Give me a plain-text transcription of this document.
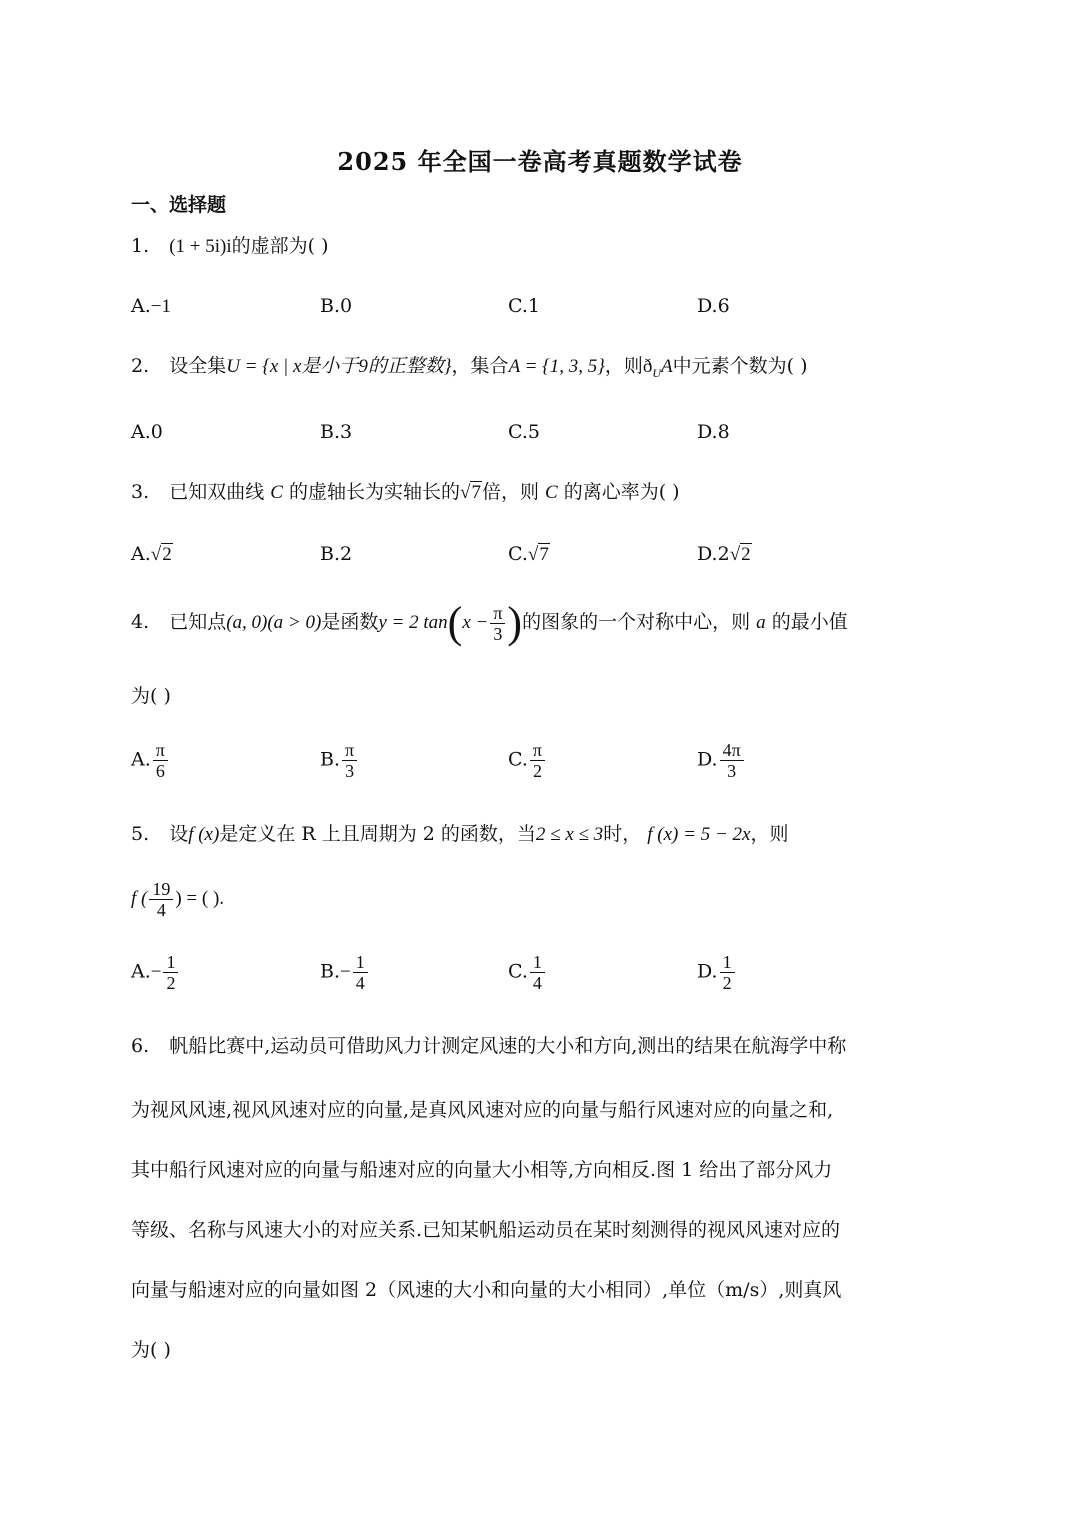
2025 年全国一卷高考真题数学试卷
一、选择题
1. (1 + 5i)i的虚部为( )
A.−1	B.0	C.1	D.6
2. 设全集U = {x | x是小于9的正整数}，集合A = {1, 3, 5}，则$ð_UA$中元素个数为( )
A.0	B.3	C.5	D.8
3. 已知双曲线 C 的虚轴长为实轴长的√7倍，则 C 的离心率为( )
A.√2	B.2	C.√7	D.2√2
4. 已知点(a, 0)(a > 0)是函数y = 2 $\tan(x - \frac{\pi}{3}$ )的图象的一个对称中心，则 a 的最小值
为( )
A. $\frac{\pi}{6}$	B. $\frac{\pi}{3}$	C. $\frac{\pi}{2}$	D. $\frac{4\pi}{3}$
5. 设f (x)是定义在 R 上且周期为 2 的函数，当2 ≤ x ≤ 3时， f (x) = 5 − 2x，则
f ( $\frac{19}{4}$ ) = ( ).
$A.- \frac{1}{2}$	$B.- \frac{1}{4}$	C. $\frac{1}{4}$	D. $\frac{1}{2}$
6. 帆船比赛中,运动员可借助风力计测定风速的大小和方向,测出的结果在航海学中称
为视风风速,视风风速对应的向量,是真风风速对应的向量与船行风速对应的向量之和,
其中船行风速对应的向量与船速对应的向量大小相等,方向相反.图 1 给出了部分风力
等级、名称与风速大小的对应关系.已知某帆船运动员在某时刻测得的视风风速对应的
向量与船速对应的向量如图 2（风速的大小和向量的大小相同）,单位（m/s）,则真风
为( )
